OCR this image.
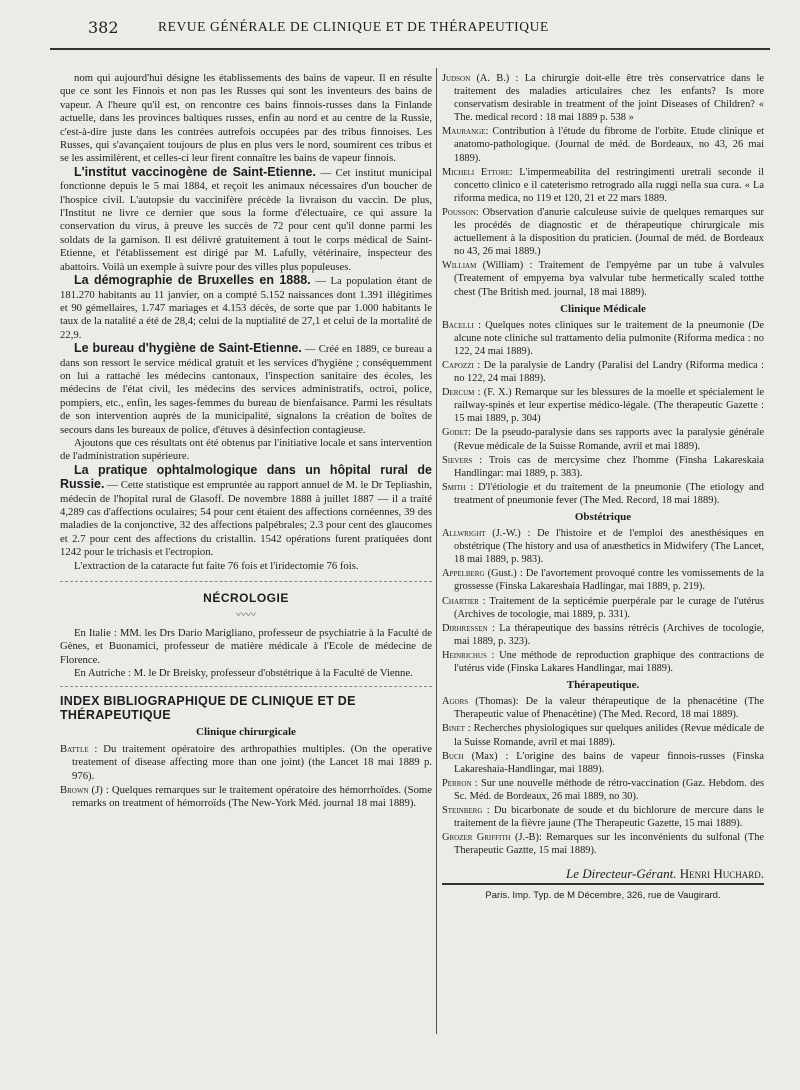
382	REVUE GÉNÉRALE DE CLINIQUE ET DE THÉRAPEUTIQUE

nom qui aujourd'hui désigne les établissements des bains de vapeur. Il en résulte que ce sont les Finnois et non pas les Russes qui sont les inventeurs des bains de vapeur. A l'heure qu'il est, on rencontre ces bains finnois-russes dans la Finlande actuelle, dans les provinces baltiques russes, enfin au nord et au centre de la Russie, c'est-à-dire juste dans les contrées autrefois occupées par des tribus finnoises. Les Russes, qui s'avançaient toujours de plus en plus vers le nord, soumirent ces tribus et se les assimilèrent, et celles-ci leur firent connaître les bains de vapeur finnois.

L'institut vaccinogène de Saint-Etienne. — Cet institut municipal fonctionne depuis le 5 mai 1884, et reçoit les animaux nécessaires d'un boucher de l'hospice civil. L'autopsie du vaccinifère précède la livraison du vaccin. De plus, l'Institut ne livre ce dernier que sous la forme d'électuaire, ce qui assure la conservation du virus, à preuve les succès de 72 pour cent qu'il donne parmi les soldats de la garnison. Il est délivré gratuitement à tout le corps médical de Saint-Etienne, et l'établissement est dirigé par M. Lafully, vétérinaire, inspecteur des abattoirs. Voilà un exemple à suivre pour des villes plus populeuses.

La démographie de Bruxelles en 1888. — La population étant de 181.270 habitants au 11 janvier, on a compté 5.152 naissances dont 1.391 illégitimes et 90 gémellaires, 1.747 mariages et 4.153 décès, de sorte que par 1.000 habitants le taux de la natalité a été de 28,4; celui de la nuptialité de 27,1 et celui de la mortalité de 22,9.

Le bureau d'hygiène de Saint-Etienne. — Créé en 1889, ce bureau a dans son ressort le service médical gratuit et les services d'hygiène ; conséquemment on lui a rattaché les médecins cantonaux, l'inspection sanitaire des écoles, les médecins de l'état civil, les médecins des services administratifs, octroi, police, pompiers, etc., enfin, les sages-femmes du bureau de bienfaisance. Parmi les résultats de son intervention auprès de la municipalité, signalons la création de boîtes de secours dans les bureaux de police, d'étuves à désinfection contagieuse.

Ajoutons que ces résultats ont été obtenus par l'initiative locale et sans intervention de l'administration supérieure.

La pratique ophtalmologique dans un hôpital rural de Russie. — Cette statistique est empruntée au rapport annuel de M. le Dr Tepliashin, médecin de l'hopital rural de Glasoff. De novembre 1888 à juillet 1887 — il a traité 4,289 cas d'affections oculaires; 54 pour cent étaient des affections cornéennes, 39 des maladies de la conjonctive, 32 des affections palpébrales; 2.3 pour cent des glaucomes et 2.7 pour cent des affections du cristallin. 1542 opérations furent pratiquées dont 1242 pour le trichasis et l'ectropion.

L'extraction de la cataracte fut faite 76 fois et l'iridectomie 76 fois.

NÉCROLOGIE
〰〰

En Italie : MM. les Drs Dario Marigliano, professeur de psychiatrie à la Faculté de Gènes, et Buonamici, professeur de matière médicale à l'Ecole de médecine de Florence.

En Autriche : M. le Dr Breisky, professeur d'obstétrique à la Faculté de Vienne.

INDEX BIBLIOGRAPHIQUE DE CLINIQUE ET DE THÉRAPEUTIQUE
Clinique chirurgicale

Battle : Du traitement opératoire des arthropathies multiples. (On the operative treatement of disease affecting more than one joint) (the Lancet 18 mai 1889 p. 976).

Brown (J) : Quelques remarques sur le traitement opératoire des hémorrhoïdes. (Some remarks on treatment of hémorroïds (The New-York Méd. journal 18 mai 1889).

Judson (A. B.) : La chirurgie doit-elle être très conservatrice dans le traitement des maladies articulaires chez les enfants? Is more conservatism desirable in treatment of the joint Diseases of Children? « The. medical record : 18 mai 1889 p. 538 »

Maurange: Contribution à l'étude du fibrome de l'orbite. Etude clinique et anatomo-pathologique. (Journal de méd. de Bordeaux, no 43, 26 mai 1889).

Micheli Ettore: L'impermeabilita del restringimenti uretrali seconde il concetto clinico e il cateterismo retrogrado alla ruggi nella sua cura. « La riforma medica, no 119 et 120, 21 et 22 mars 1889.

Pousson: Observation d'anurie calculeuse suivie de quelques remarques sur les procédés de diagnostic et de thérapeutique chirurgicale mis actuellement à la disposition du praticien. (Journal de méd. de Bordeaux no 43, 26 mai 1889.)

William (William) : Traitement de l'empyème par un tube à valvules (Treatement of empyema bya valvular tube hermetically scaled totthe chest (The British med. journal, 18 mai 1889).

Clinique Médicale

Bacelli : Quelques notes cliniques sur le traitement de la pneumonie (De alcune note cliniche sul trattamento delia pulmonite (Riforma medica : no 122, 24 mai 1889).

Capozzi : De la paralysie de Landry (Paralisi del Landry (Riforma medica : no 122, 24 mai 1889).

Dercum : (F. X.) Remarque sur les blessures de la moelle et spécialement le railway-spinés et leur expertise médico-légale. (The therapeutic Gazette : 15 mai 1889, p. 304)

Godet: De la pseudo-paralysie dans ses rapports avec la paralysie générale (Revue médicale de la Suisse Romande, avril et mai 1889).

Sievers : Trois cas de mercysime chez l'homme (Finsha Lakareskaia Handlingar: mai 1889, p. 383).

Smith : D'l'étiologie et du traitement de la pneumonie (The etiology and treatment of pneumonie fever (The Med. Record, 18 mai 1889).

Obstétrique

Allwright (J.-W.) : De l'histoire et de l'emploi des anesthésiques en obstétrique (The history and usa of anæsthetics in Midwifery (The Lancet, 18 mai 1889, p. 983).

Appelberg (Gust.) : De l'avortement provoqué contre les vomissements de la grossesse (Finska Lakareshaia Hadlingar, mai 1889, p. 219).

Chartier : Traitement de la septicémie puerpérale par le curage de l'utérus (Archives de tocologie, mai 1889, p. 331).

Dirhressen : La thérapeutique des bassins rétrécis (Archives de tocologie, mai 1889, p. 323).

Heinrichus : Une méthode de reproduction graphique des contractions de l'utérus vide (Finska Lakares Handlingar, mai 1889).

Thérapeutique.

Agors (Thomas): De la valeur thérapeutique de la phenacétine (The Therapeutic value of Phenacétine) (The Med. Record, 18 mai 1889).

Binet : Recherches physiologiques sur quelques anilides (Revue médicale de la Suisse Romande, avril et mai 1889).

Buch (Max) : L'origine des bains de vapeur finnois-russes (Finska Lakareshaia-Handlingar, mai 1889).

Perron : Sur une nouvelle méthode de rétro-vaccination (Gaz. Hebdom. des Sc. Méd. de Bordeaux, 26 mai 1889, no 30).

Steinberg : Du bicarbonate de soude et du bichlorure de mercure dans le traitement de la fièvre jaune (The Therapeutic Gazette, 15 mai 1889).

Grozer Griffith (J.-B): Remarques sur les inconvénients du sulfonal (The Therapeutic Gaztte, 15 mai 1889).

Le Directeur-Gérant. Henri Huchard.
Paris. Imp. Typ. de M Décembre, 326, rue de Vaugirard.
